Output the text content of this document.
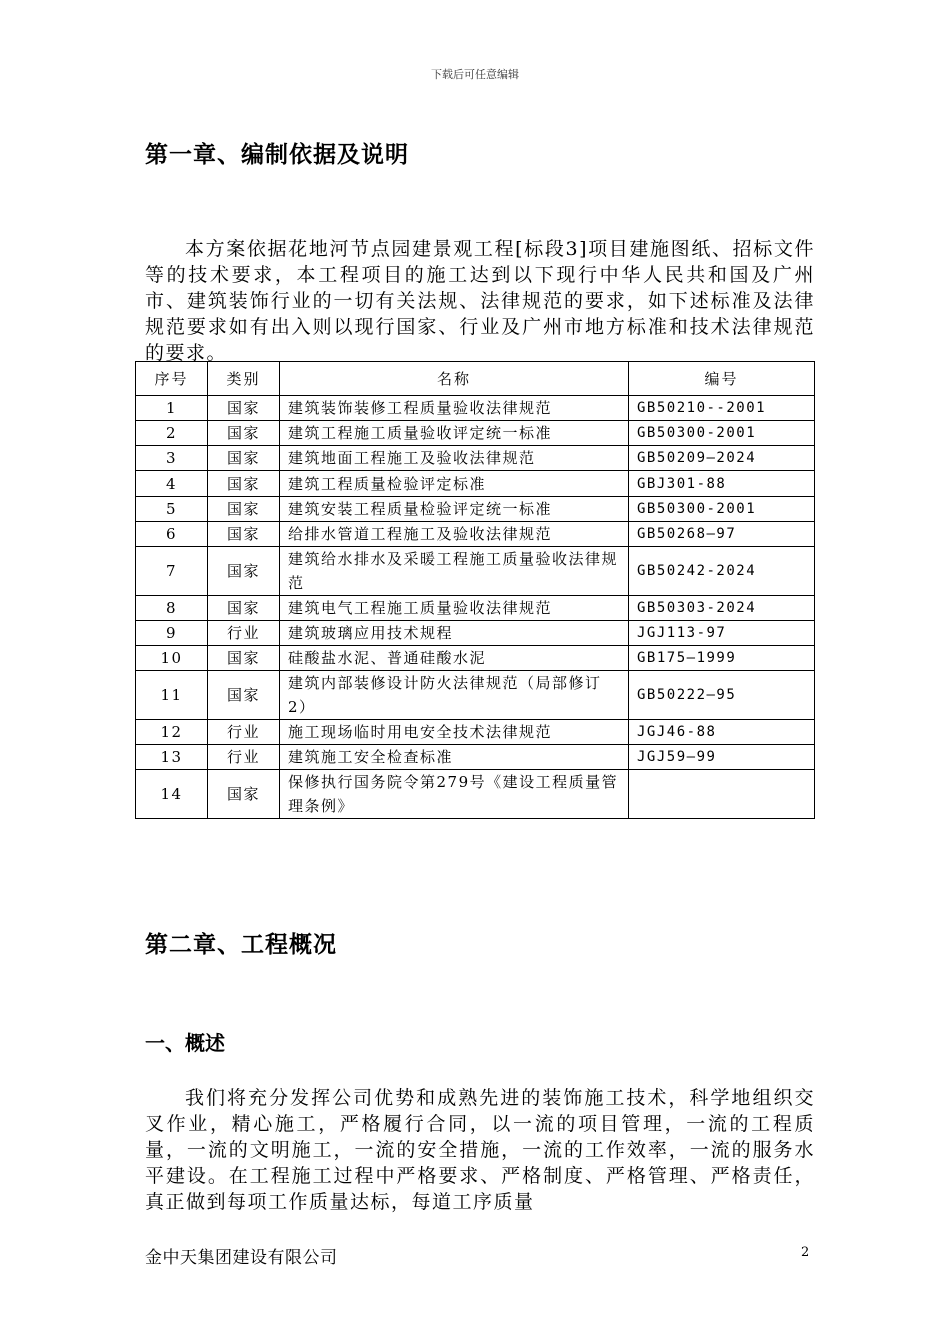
下载后可任意编辑
第一章、编制依据及说明
本方案依据花地河节点园建景观工程[标段3]项目建施图纸、招标文件等的技术要求，本工程项目的施工达到以下现行中华人民共和国及广州市、建筑装饰行业的一切有关法规、法律规范的要求，如下述标准及法律规范要求如有出入则以现行国家、行业及广州市地方标准和技术法律规范的要求。
序号	类别	名称	编号
1	国家	建筑装饰装修工程质量验收法律规范	GB50210--2001
2	国家	建筑工程施工质量验收评定统一标准	GB50300-2001
3	国家	建筑地面工程施工及验收法律规范	GB50209—2024
4	国家	建筑工程质量检验评定标准	GBJ301-88
5	国家	建筑安装工程质量检验评定统一标准	GB50300-2001
6	国家	给排水管道工程施工及验收法律规范	GB50268—97
7	国家	建筑给水排水及采暖工程施工质量验收法律规范	GB50242-2024
8	国家	建筑电气工程施工质量验收法律规范	GB50303-2024
9	行业	建筑玻璃应用技术规程	JGJ113-97
10	国家	硅酸盐水泥、普通硅酸水泥	GB175—1999
11	国家	建筑内部装修设计防火法律规范（局部修订2）	GB50222—95
12	行业	施工现场临时用电安全技术法律规范	JGJ46-88
13	行业	建筑施工安全检查标准	JGJ59—99
14	国家	保修执行国务院令第279号《建设工程质量管理条例》	
第二章、工程概况
一、概述
我们将充分发挥公司优势和成熟先进的装饰施工技术，科学地组织交叉作业，精心施工，严格履行合同，以一流的项目管理，一流的工程质量，一流的文明施工，一流的安全措施，一流的工作效率，一流的服务水平建设。在工程施工过程中严格要求、严格制度、严格管理、严格责任，真正做到每项工作质量达标，每道工序质量
金中天集团建设有限公司	2
